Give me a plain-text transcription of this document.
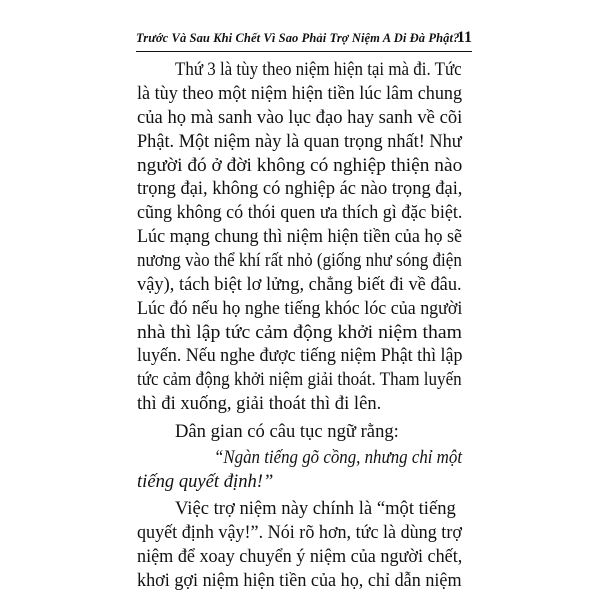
Trước Và Sau Khi Chết Vì Sao Phải Trợ Niệm A Di Đà Phật?
11
Thứ 3 là tùy theo niệm hiện tại mà đi. Tức
là tùy theo một niệm hiện tiền lúc lâm chung
của họ mà sanh vào lục đạo hay sanh về cõi
Phật. Một niệm này là quan trọng nhất! Như
người đó ở đời không có nghiệp thiện nào
trọng đại, không có nghiệp ác nào trọng đại,
cũng không có thói quen ưa thích gì đặc biệt.
Lúc mạng chung thì niệm hiện tiền của họ sẽ
nương vào thể khí rất nhỏ (giống như sóng điện
vậy), tách biệt lơ lửng, chẳng biết đi về đâu.
Lúc đó nếu họ nghe tiếng khóc lóc của người
nhà thì lập tức cảm động khởi niệm tham
luyến. Nếu nghe được tiếng niệm Phật thì lập
tức cảm động khởi niệm giải thoát. Tham luyến
thì đi xuống, giải thoát thì đi lên.
Dân gian có câu tục ngữ rằng:
“Ngàn tiếng gõ cồng, nhưng chỉ một
tiếng quyết định!”
Việc trợ niệm này chính là “một tiếng
quyết định vậy!”. Nói rõ hơn, tức là dùng trợ
niệm để xoay chuyển ý niệm của người chết,
khơi gợi niệm hiện tiền của họ, chỉ dẫn niệm
